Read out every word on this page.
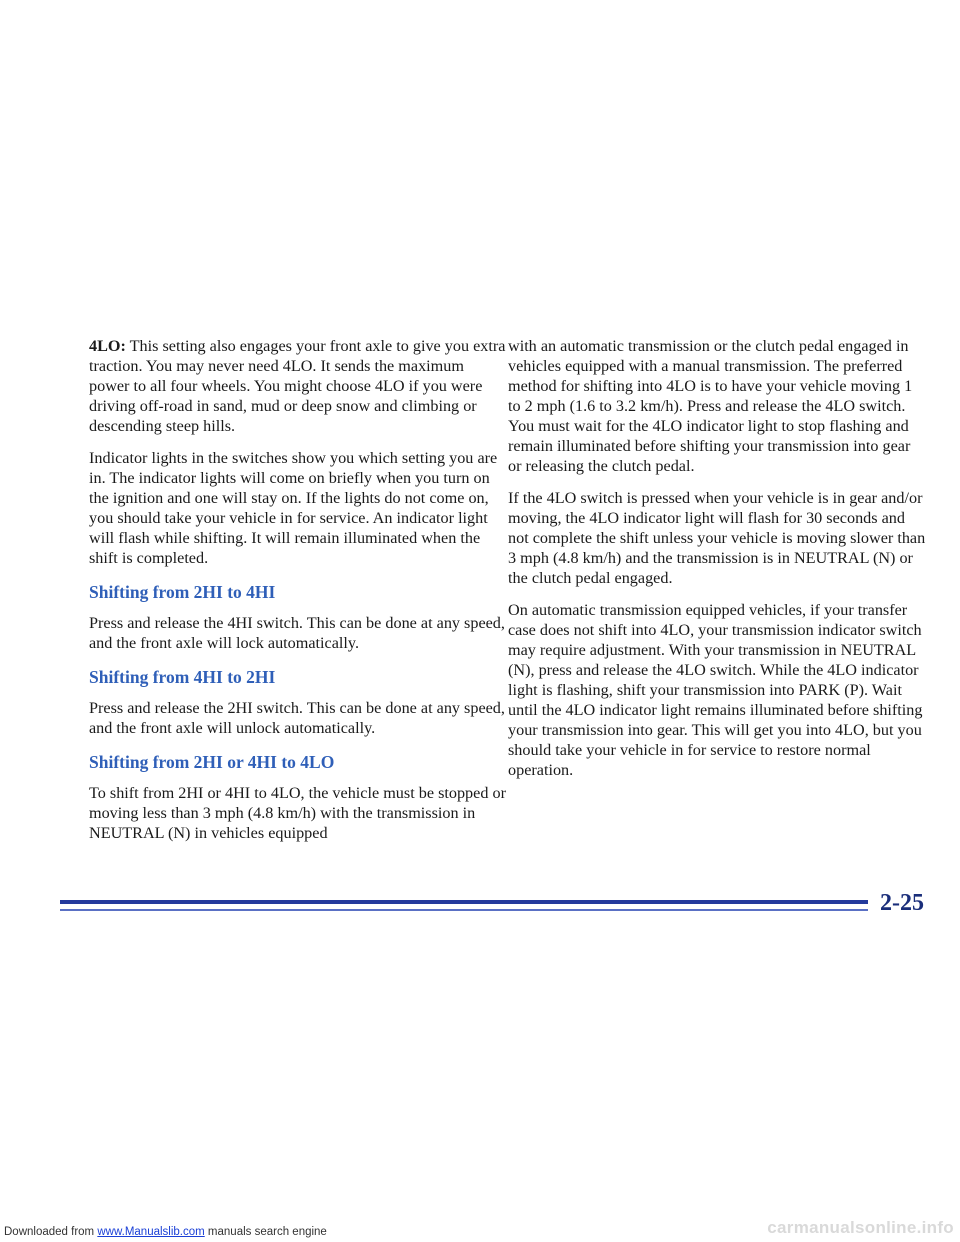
4LO: This setting also engages your front axle to give you extra traction. You may never need 4LO. It sends the maximum power to all four wheels. You might choose 4LO if you were driving off-road in sand, mud or deep snow and climbing or descending steep hills.

Indicator lights in the switches show you which setting you are in. The indicator lights will come on briefly when you turn on the ignition and one will stay on. If the lights do not come on, you should take your vehicle in for service. An indicator light will flash while shifting. It will remain illuminated when the shift is completed.

Shifting from 2HI to 4HI

Press and release the 4HI switch. This can be done at any speed, and the front axle will lock automatically.

Shifting from 4HI to 2HI

Press and release the 2HI switch. This can be done at any speed, and the front axle will unlock automatically.

Shifting from 2HI or 4HI to 4LO

To shift from 2HI or 4HI to 4LO, the vehicle must be stopped or moving less than 3 mph (4.8 km/h) with the transmission in NEUTRAL (N) in vehicles equipped

with an automatic transmission or the clutch pedal engaged in vehicles equipped with a manual transmission. The preferred method for shifting into 4LO is to have your vehicle moving 1 to 2 mph (1.6 to 3.2 km/h). Press and release the 4LO switch. You must wait for the 4LO indicator light to stop flashing and remain illuminated before shifting your transmission into gear or releasing the clutch pedal.

If the 4LO switch is pressed when your vehicle is in gear and/or moving, the 4LO indicator light will flash for 30 seconds and not complete the shift unless your vehicle is moving slower than 3 mph (4.8 km/h) and the transmission is in NEUTRAL (N) or the clutch pedal engaged.

On automatic transmission equipped vehicles, if your transfer case does not shift into 4LO, your transmission indicator switch may require adjustment. With your transmission in NEUTRAL (N), press and release the 4LO switch. While the 4LO indicator light is flashing, shift your transmission into PARK (P). Wait until the 4LO indicator light remains illuminated before shifting your transmission into gear. This will get you into 4LO, but you should take your vehicle in for service to restore normal operation.

2-25
Downloaded from www.Manualslib.com manuals search engine	carmanualsonline.info
